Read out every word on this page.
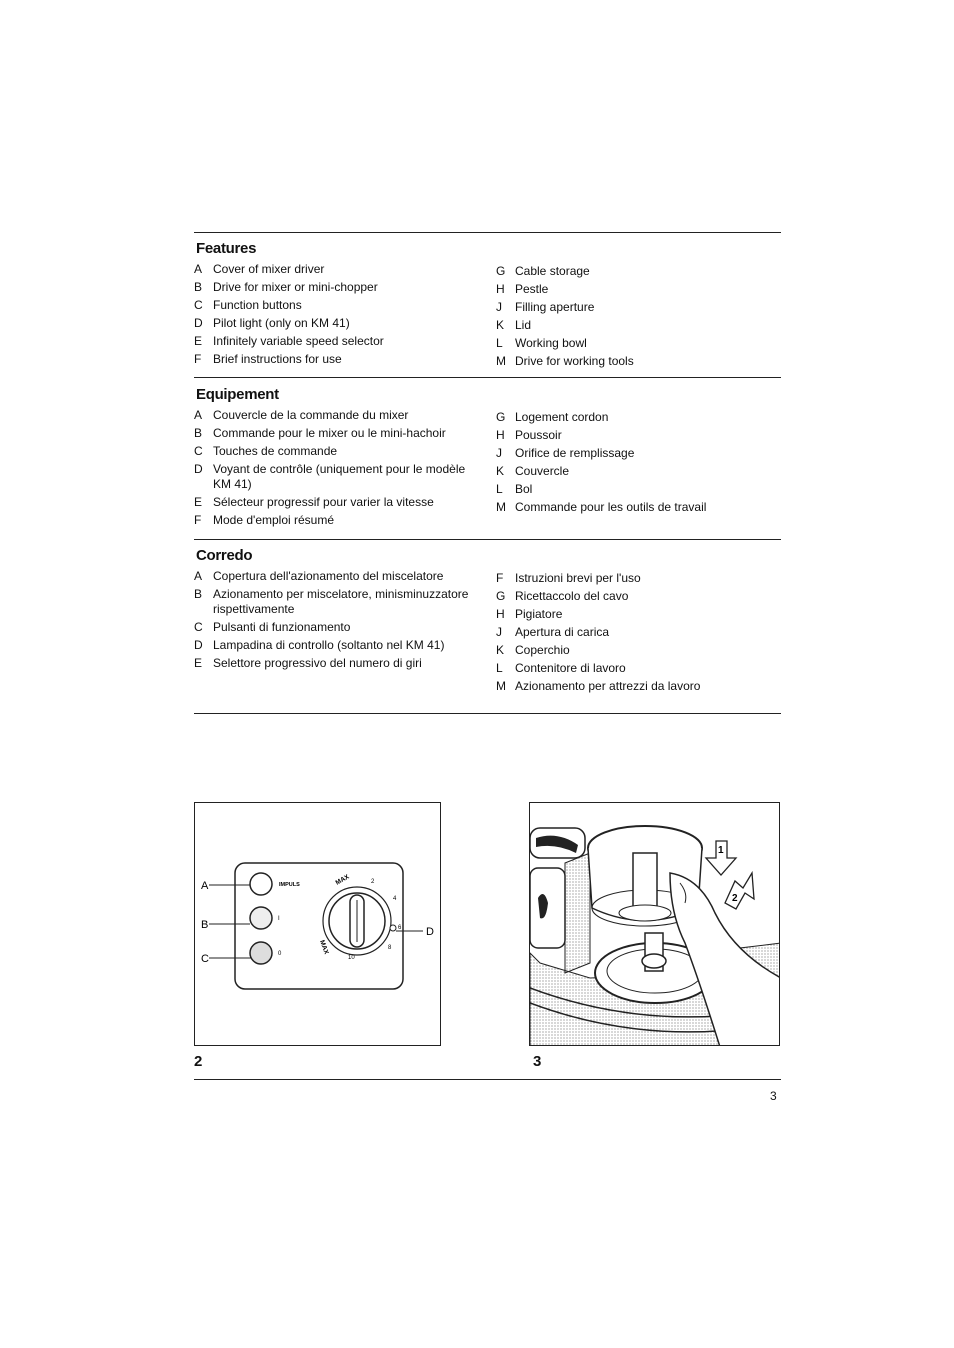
Features
A Cover of mixer driver
B Drive for mixer or mini-chopper
C Function buttons
D Pilot light (only on KM 41)
E Infinitely variable speed selector
F Brief instructions for use
G Cable storage
H Pestle
J	Filling aperture
K Lid
L	Working bowl
M Drive for working tools
Equipement
A Couvercle de la commande du mixer
B Commande pour le mixer ou le mini-hachoir
C Touches de commande
D Voyant de contrôle (uniquement pour le modèle KM 41)
E Sélecteur progressif pour varier la vitesse
F Mode d'emploi résumé
G Logement cordon
H Poussoir
J	Orifice de remplissage
K Couvercle
L	Bol
M Commande pour les outils de travail
Corredo
A Copertura dell'azionamento del miscelatore
B Azionamento per miscelatore, minisminuzzatore rispettivamente
C Pulsanti di funzionamento
D Lampadina di controllo (soltanto nel KM 41)
E Selettore progressivo del numero di giri
F Istruzioni brevi per l'uso
G Ricettaccolo del cavo
H Pigiatore
J	Apertura di carica
K Coperchio
L	Contenitore di lavoro
M Azionamento per attrezzi da lavoro
IMPULS
I
0
A
B
C
MAX
MAX
2
4
6
8
10
D
2
1
2
3
3
